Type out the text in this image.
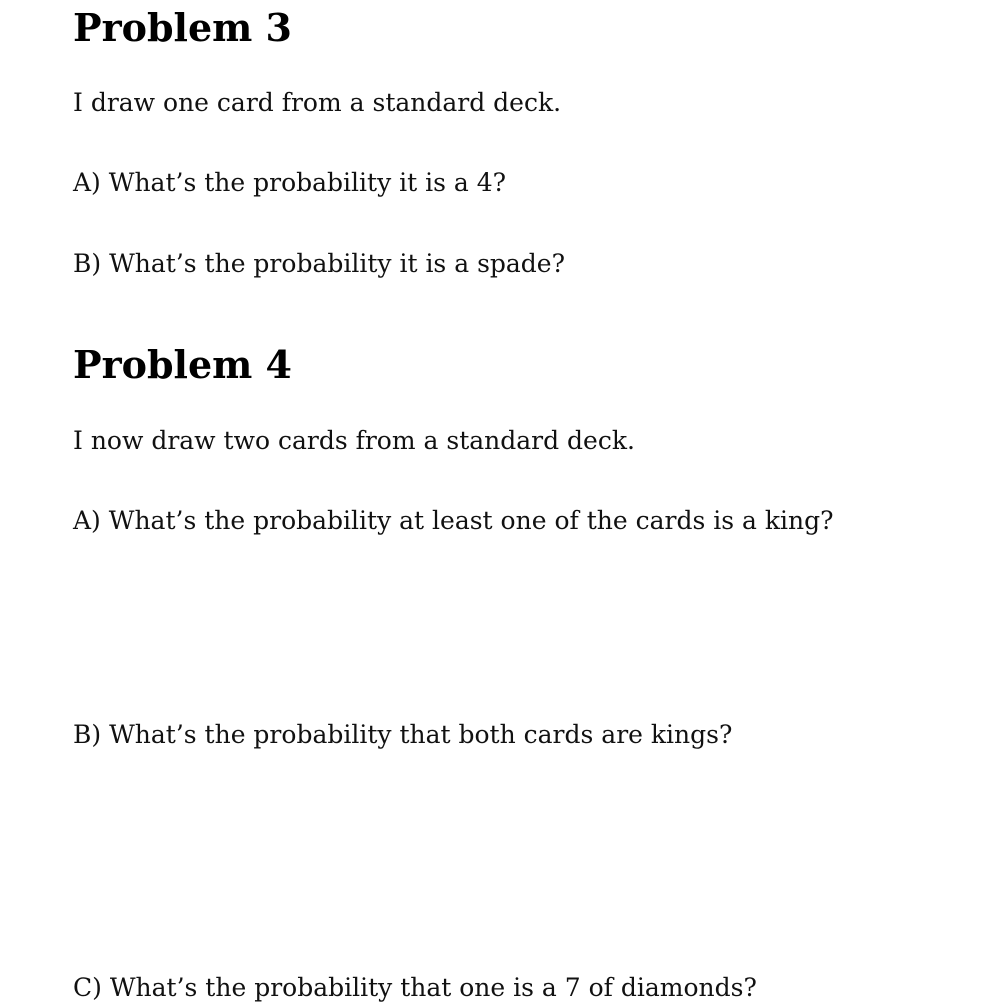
Problem 3

I draw one card from a standard deck.

A) What’s the probability it is a 4?

B) What’s the probability it is a spade?

Problem 4

I now draw two cards from a standard deck.

A) What’s the probability at least one of the cards is a king?

B) What’s the probability that both cards are kings?

C) What’s the probability that one is a 7 of diamonds?
